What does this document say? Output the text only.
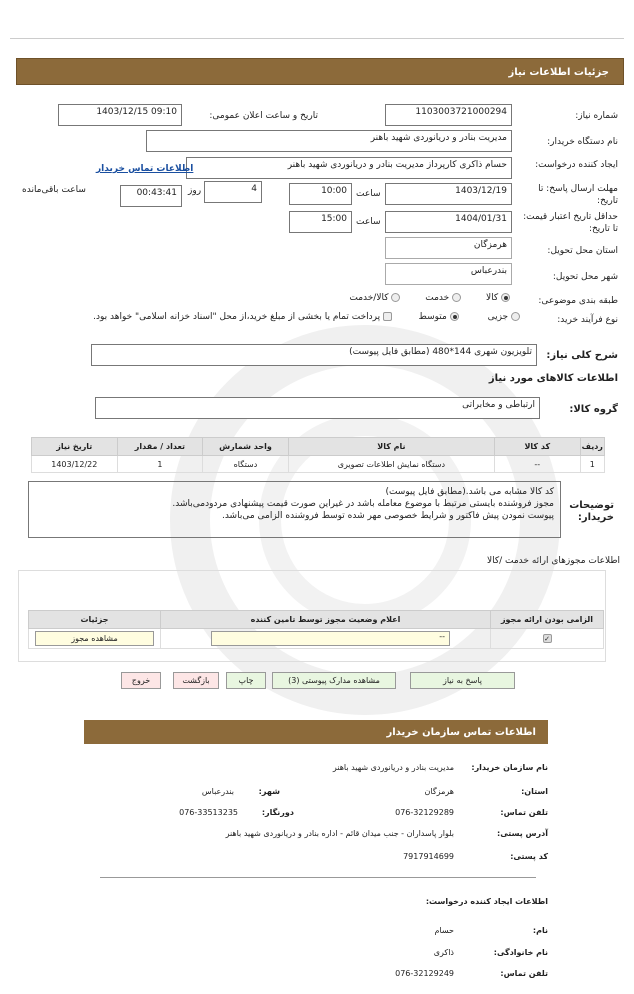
جزئیات اطلاعات نیاز
شماره نیاز:
1103003721000294
تاریخ و ساعت اعلان عمومی:
1403/12/15 09:10
نام دستگاه خریدار:
مدیریت بنادر و دریانوردی شهید باهنر
ایجاد کننده درخواست:
حسام ذاکری کارپرداز مدیریت بنادر و دریانوردی شهید باهنر
اطلاعات تماس خریدار
مهلت ارسال پاسخ: تا تاریخ:
1403/12/19
ساعت
10:00
4
روز
00:43:41
ساعت باقی‌مانده
حداقل تاریخ اعتبار قیمت: تا تاریخ:
1404/01/31
ساعت
15:00
استان محل تحویل:
هرمزگان
شهر محل تحویل:
بندرعباس
طبقه بندی موضوعی:
کالا  خدمت  کالا/خدمت
نوع فرآیند خرید:
جزیی  متوسط
پرداخت تمام یا بخشی از مبلغ خرید،از محل "اسناد خزانه اسلامی" خواهد بود.
شرح کلی نیاز:
تلویزیون شهری 144*480 (مطابق فایل پیوست)
اطلاعات کالاهای مورد نیاز
گروه کالا:
ارتباطی و مخابراتی
ردیف	کد کالا	نام کالا	واحد شمارش	تعداد / مقدار	تاریخ نیاز
1	--	دستگاه نمایش اطلاعات تصویری	دستگاه	1	1403/12/22
توضیحات خریدار:
کد کالا مشابه می باشد.(مطابق فایل پیوست)
مجوز فروشنده بایستی مرتبط با موضوع معامله باشد در غیراین صورت قیمت پیشنهادی مردودمی‌باشد.
پیوست نمودن پیش فاکتور و شرایط خصوصی مهر شده توسط فروشنده الزامی می‌باشد.
اطلاعات مجوزهای ارائه خدمت /کالا
الزامی بودن ارائه مجوز	اعلام وضعیت مجوز توسط تامین کننده	جزئیات
✓	--	مشاهده مجوز
پاسخ به نیاز
مشاهده مدارک پیوستی (3)
چاپ
بازگشت
خروج
اطلاعات تماس سازمان خریدار
نام سازمان خریدار:
مدیریت بنادر و دریانوردی شهید باهنر
استان:
هرمزگان
شهر:
بندرعباس
تلفن تماس:
076-32129289
دورنگار:
076-33513235
آدرس پستی:
بلوار پاسداران - جنب میدان قائم - اداره بنادر و دریانوردی شهید باهنر
کد پستی:
7917914699
اطلاعات ایجاد کننده درخواست:
نام:
حسام
نام خانوادگی:
ذاکری
تلفن تماس:
076-32129249
